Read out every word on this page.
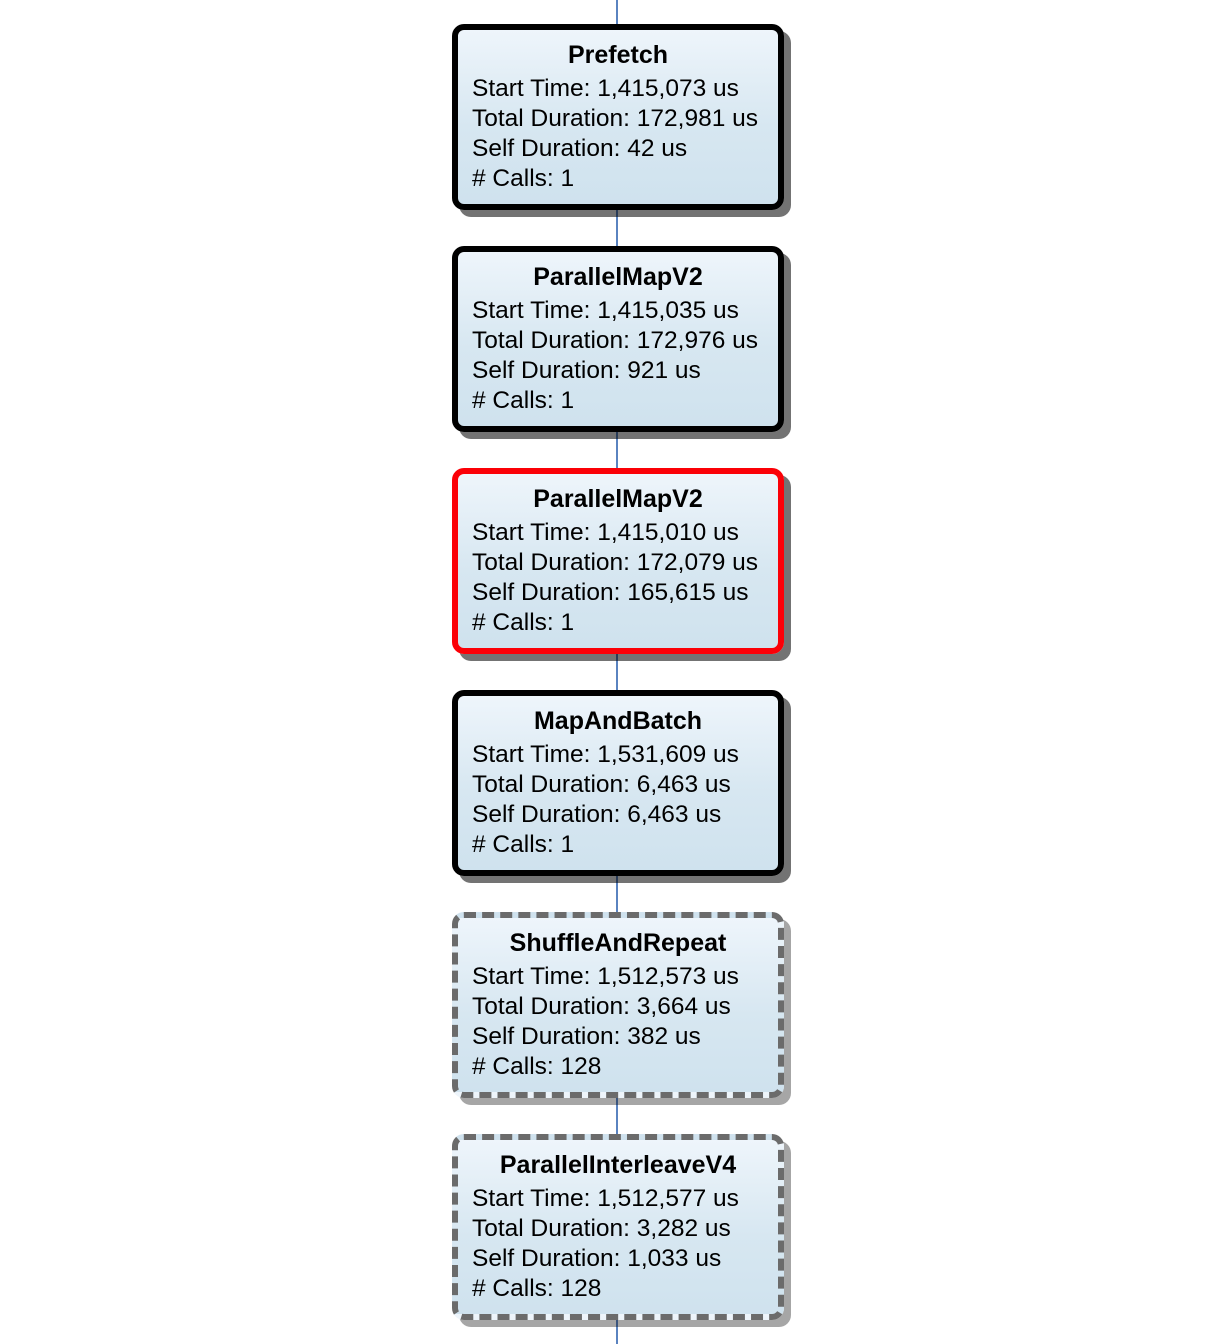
Prefetch
Start Time: 1,415,073 us
Total Duration: 172,981 us
Self Duration: 42 us
# Calls: 1
ParallelMapV2
Start Time: 1,415,035 us
Total Duration: 172,976 us
Self Duration: 921 us
# Calls: 1
ParallelMapV2
Start Time: 1,415,010 us
Total Duration: 172,079 us
Self Duration: 165,615 us
# Calls: 1
MapAndBatch
Start Time: 1,531,609 us
Total Duration: 6,463 us
Self Duration: 6,463 us
# Calls: 1
ShuffleAndRepeat
Start Time: 1,512,573 us
Total Duration: 3,664 us
Self Duration: 382 us
# Calls: 128
ParallelInterleaveV4
Start Time: 1,512,577 us
Total Duration: 3,282 us
Self Duration: 1,033 us
# Calls: 128
